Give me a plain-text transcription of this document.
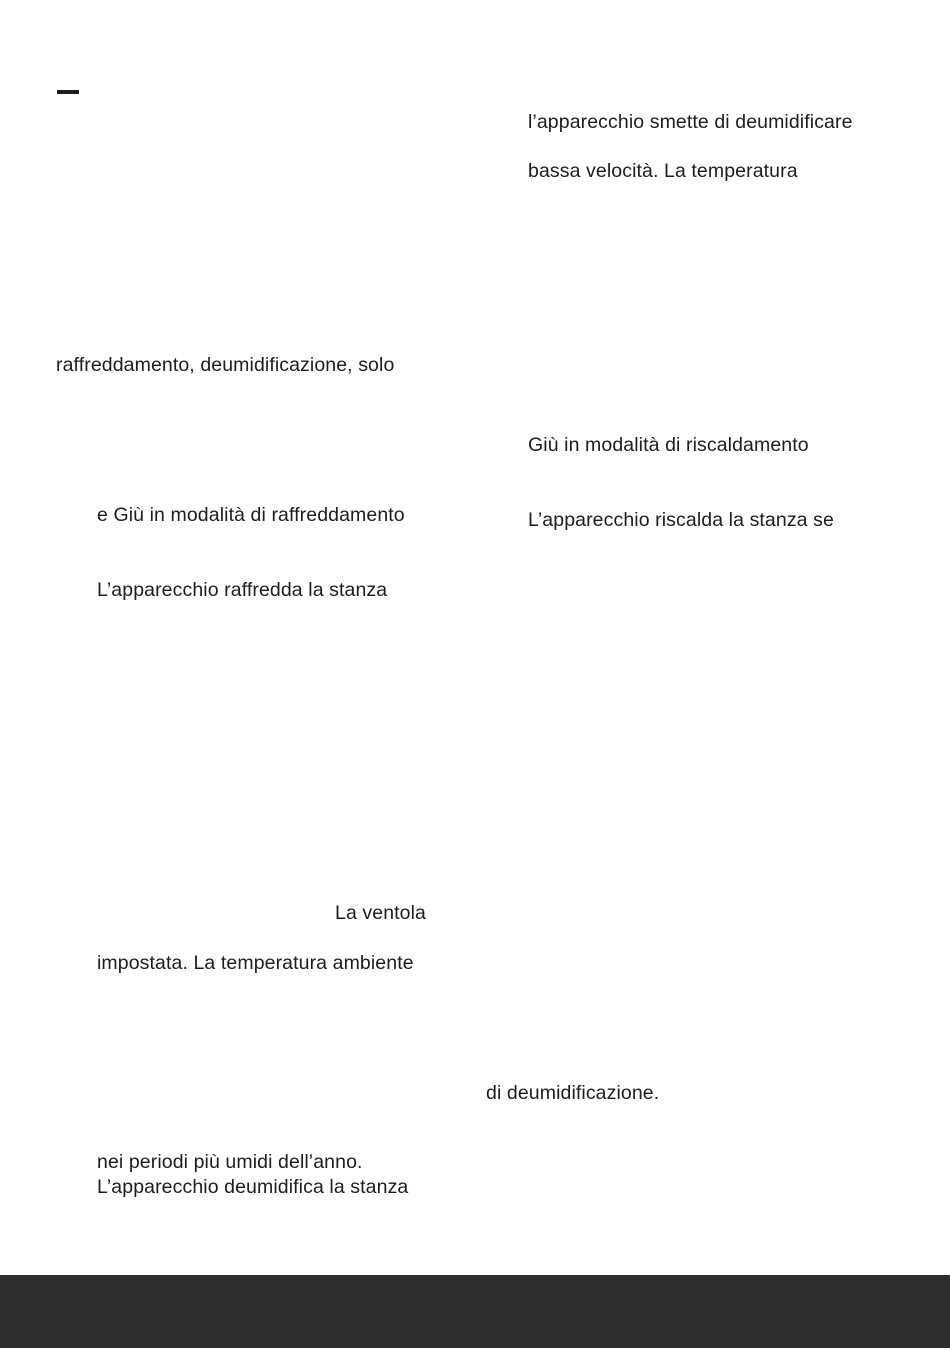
l’apparecchio smette di deumidificare
bassa velocità. La temperatura
raffreddamento, deumidificazione, solo
Giù in modalità di riscaldamento
e Giù in modalità di raffreddamento	L’apparecchio riscalda la stanza se
L’apparecchio raffredda la stanza
La ventola
impostata. La temperatura ambiente
di deumidificazione.
nei periodi più umidi dell’anno.
L’apparecchio deumidifica la stanza
